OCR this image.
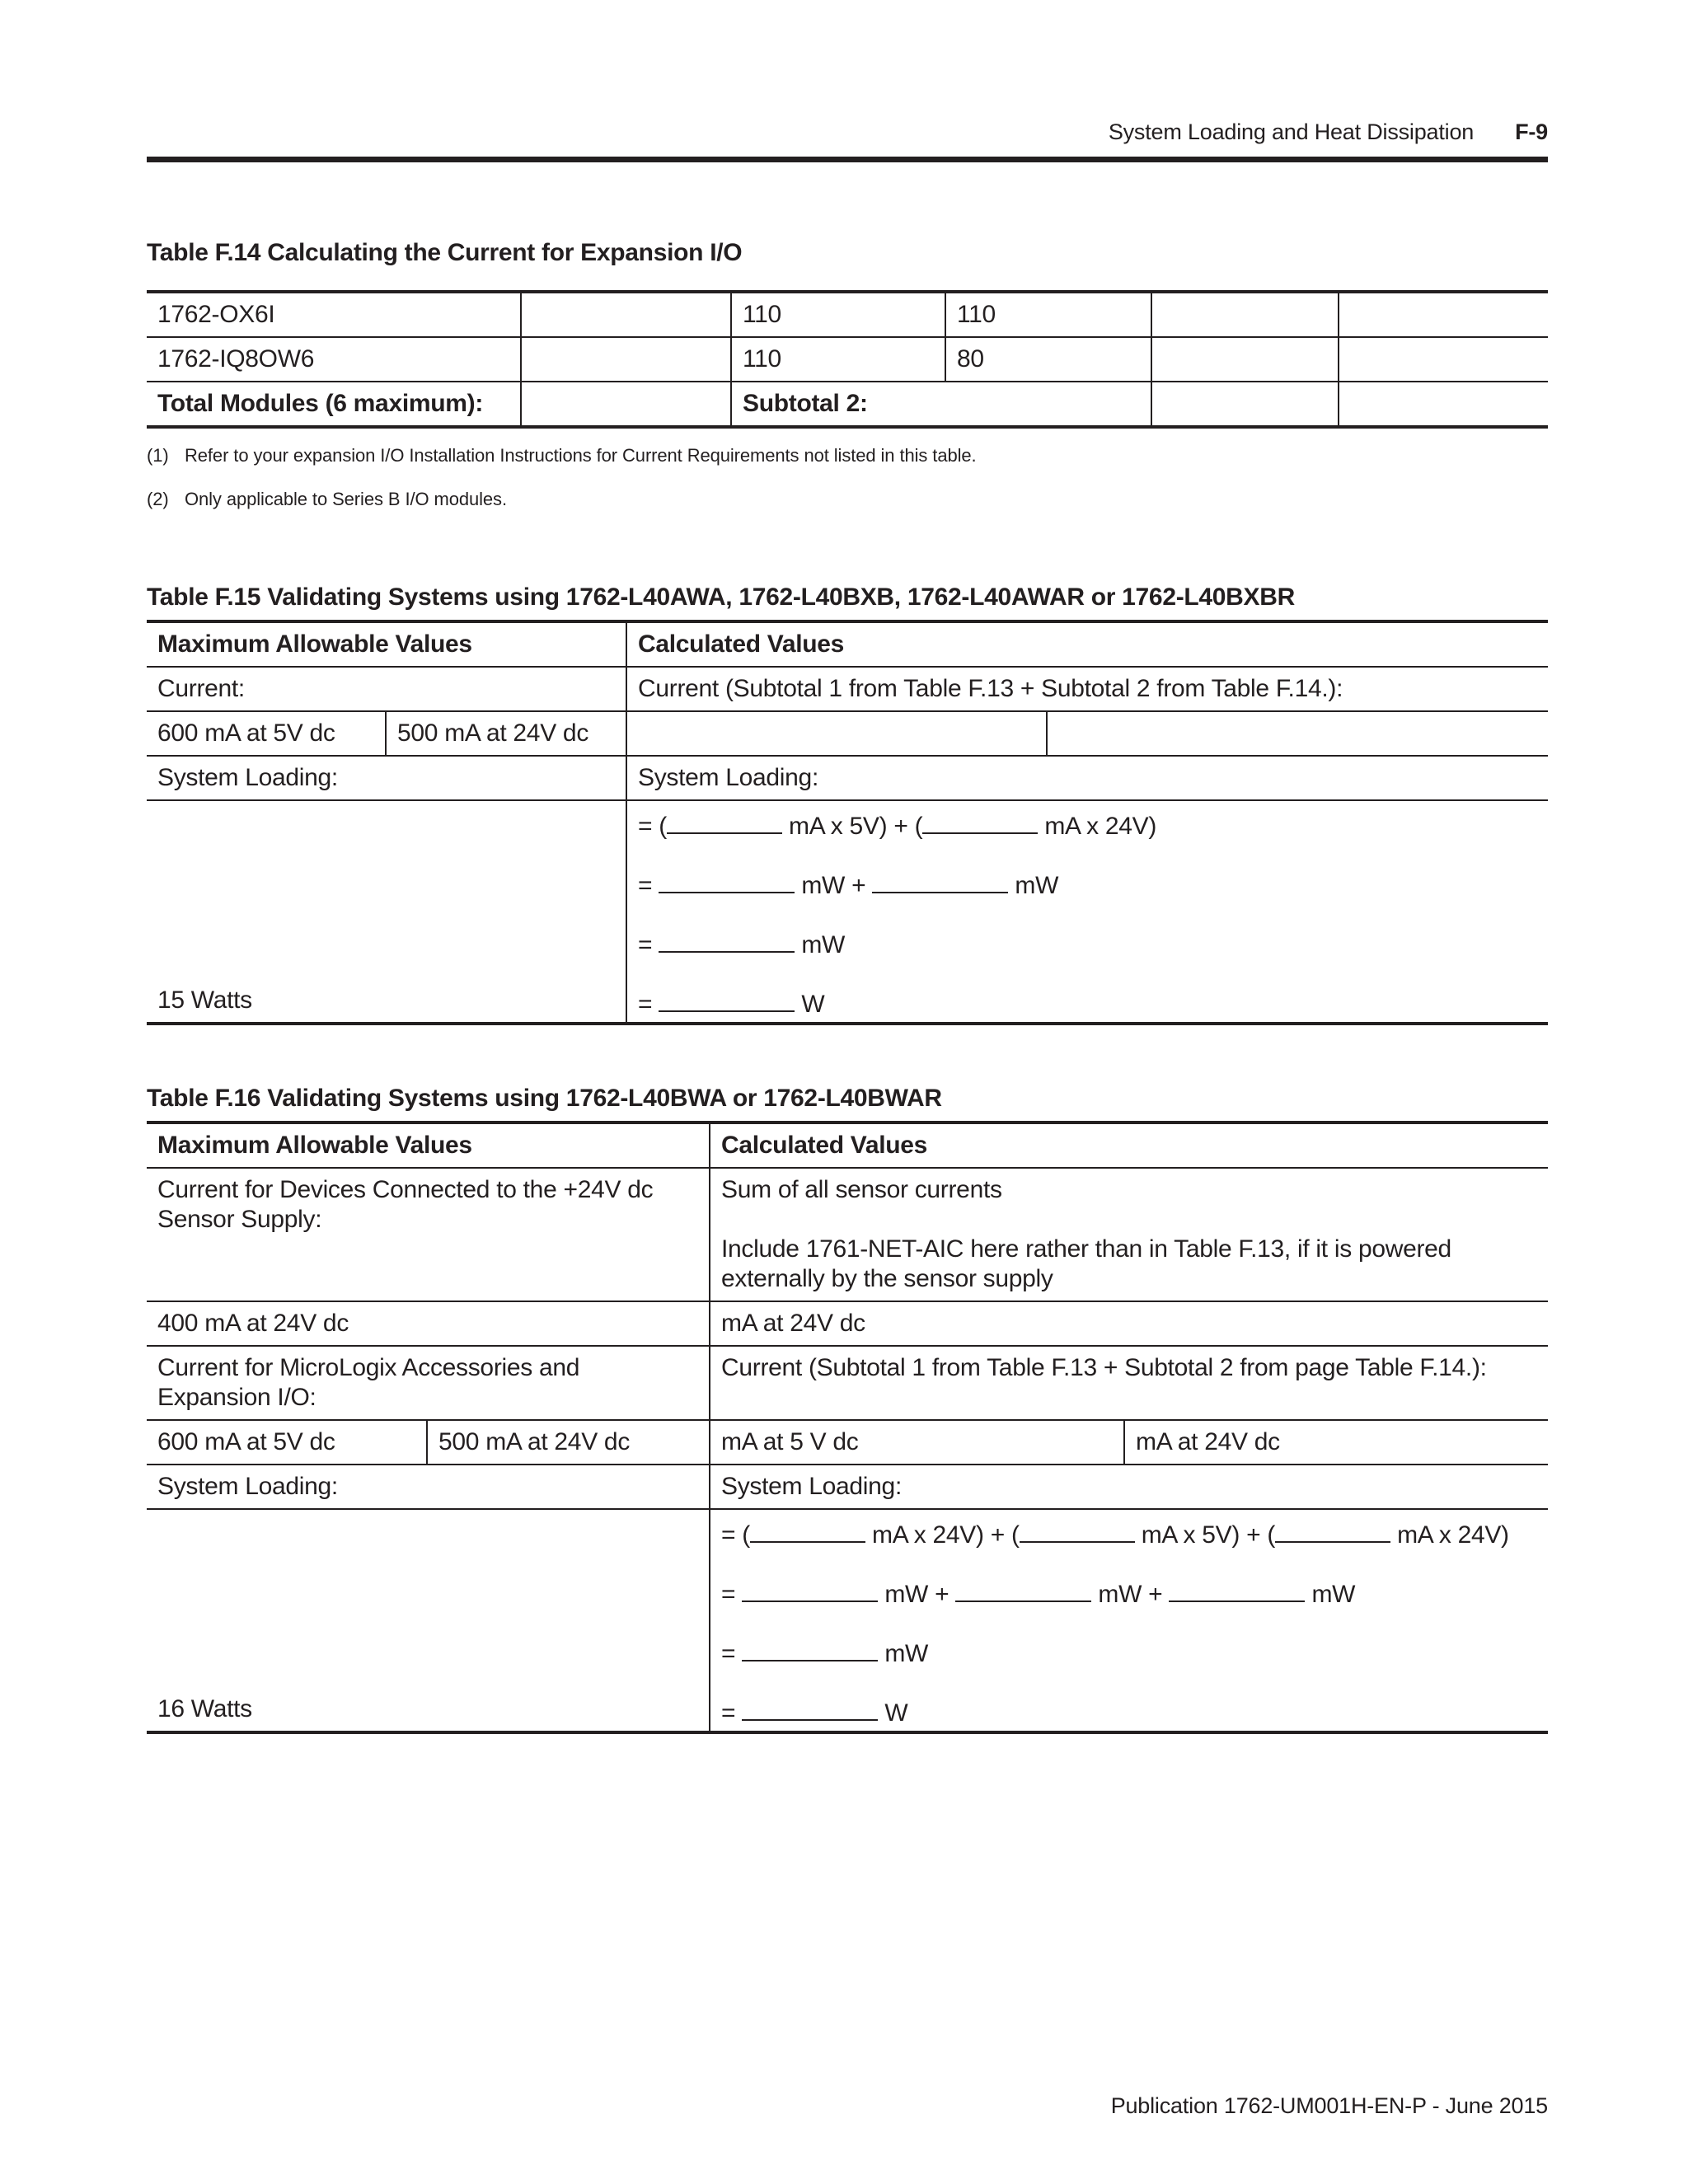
System Loading and Heat Dissipation F-9
Table F.14 Calculating the Current for Expansion I/O
1762-OX6I		110	110		
1762-IQ8OW6		110	80		
Total Modules (6 maximum):		Subtotal 2:			
(1) Refer to your expansion I/O Installation Instructions for Current Requirements not listed in this table.
(2) Only applicable to Series B I/O modules.
Table F.15 Validating Systems using 1762-L40AWA, 1762-L40BXB, 1762-L40AWAR or 1762-L40BXBR
Maximum Allowable Values		Calculated Values	
Current:		Current (Subtotal 1 from Table F.13 + Subtotal 2 from Table F.14.):	
600 mA at 5V dc	500 mA at 24V dc		
System Loading:		System Loading:	
15 Watts		= ( mA x 5V) + ( mA x 24V)
= mW + mW
= mW
= W	
Table F.16 Validating Systems using 1762-L40BWA or 1762-L40BWAR
Maximum Allowable Values		Calculated Values	
Current for Devices Connected to the +24V dc Sensor Supply:		Sum of all sensor currents
Include 1761-NET-AIC here rather than in Table F.13, if it is powered externally by the sensor supply	

400 mA at 24V dc		mA at 24V dc	
Current for MicroLogix Accessories and Expansion I/O:		Current (Subtotal 1 from Table F.13 + Subtotal 2 from page Table F.14.):	
600 mA at 5V dc	500 mA at 24V dc	mA at 5 V dc	mA at 24V dc
System Loading:		System Loading:	
16 Watts		= ( mA x 24V) + ( mA x 5V) + ( mA x 24V)
= mW + mW + mW
= mW
= W	
Publication 1762-UM001H-EN-P - June 2015
